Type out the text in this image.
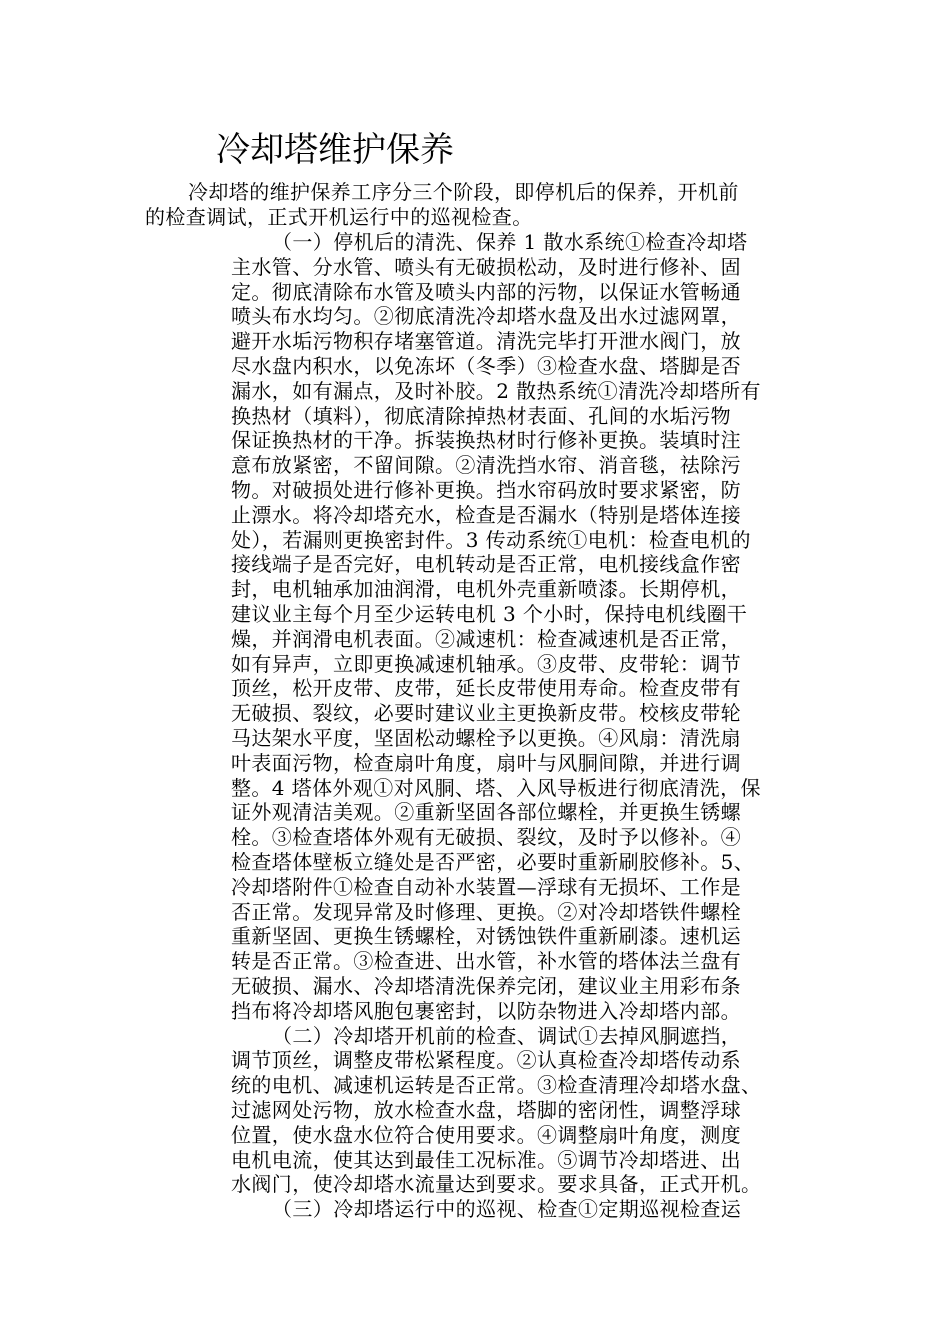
冷却塔维护保养
冷却塔的维护保养工序分三个阶段，即停机后的保养，开机前
的检查调试，正式开机运行中的巡视检查。
（一）停机后的清洗、保养 1 散水系统①检查冷却塔
主水管、分水管、喷头有无破损松动，及时进行修补、固
定。彻底清除布水管及喷头内部的污物，以保证水管畅通
喷头布水均匀。②彻底清洗冷却塔水盘及出水过滤网罩，
避开水垢污物积存堵塞管道。清洗完毕打开泄水阀门，放
尽水盘内积水，以免冻坏（冬季）③检查水盘、塔脚是否
漏水，如有漏点，及时补胶。2 散热系统①清洗冷却塔所有
换热材（填料），彻底清除掉热材表面、孔间的水垢污物
保证换热材的干净。拆装换热材时行修补更换。装填时注
意布放紧密，不留间隙。②清洗挡水帘、消音毯，祛除污
物。对破损处进行修补更换。挡水帘码放时要求紧密，防
止漂水。将冷却塔充水，检查是否漏水（特别是塔体连接
处），若漏则更换密封件。3 传动系统①电机：检查电机的
接线端子是否完好，电机转动是否正常，电机接线盒作密
封，电机轴承加油润滑，电机外壳重新喷漆。长期停机，
建议业主每个月至少运转电机 3 个小时，保持电机线圈干
燥，并润滑电机表面。②减速机：检查减速机是否正常，
如有异声，立即更换减速机轴承。③皮带、皮带轮：调节
顶丝，松开皮带、皮带，延长皮带使用寿命。检查皮带有
无破损、裂纹，必要时建议业主更换新皮带。校核皮带轮
马达架水平度，坚固松动螺栓予以更换。④风扇：清洗扇
叶表面污物，检查扇叶角度，扇叶与风胴间隙，并进行调
整。4 塔体外观①对风胴、塔、入风导板进行彻底清洗，保
证外观清洁美观。②重新坚固各部位螺栓，并更换生锈螺
栓。③检查塔体外观有无破损、裂纹，及时予以修补。④
检查塔体壁板立缝处是否严密，必要时重新刷胶修补。5、
冷却塔附件①检查自动补水装置—浮球有无损坏、工作是
否正常。发现异常及时修理、更换。②对冷却塔铁件螺栓
重新坚固、更换生锈螺栓，对锈蚀铁件重新刷漆。速机运
转是否正常。③检查进、出水管，补水管的塔体法兰盘有
无破损、漏水、冷却塔清洗保养完闭，建议业主用彩布条
挡布将冷却塔风胞包裹密封，以防杂物进入冷却塔内部。
（二）冷却塔开机前的检查、调试①去掉风胴遮挡，
调节顶丝，调整皮带松紧程度。②认真检查冷却塔传动系
统的电机、减速机运转是否正常。③检查清理冷却塔水盘、
过滤网处污物，放水检查水盘，塔脚的密闭性，调整浮球
位置，使水盘水位符合使用要求。④调整扇叶角度，测度
电机电流，使其达到最佳工况标准。⑤调节冷却塔进、出
水阀门，使冷却塔水流量达到要求。要求具备，正式开机。
（三）冷却塔运行中的巡视、检查①定期巡视检查运
